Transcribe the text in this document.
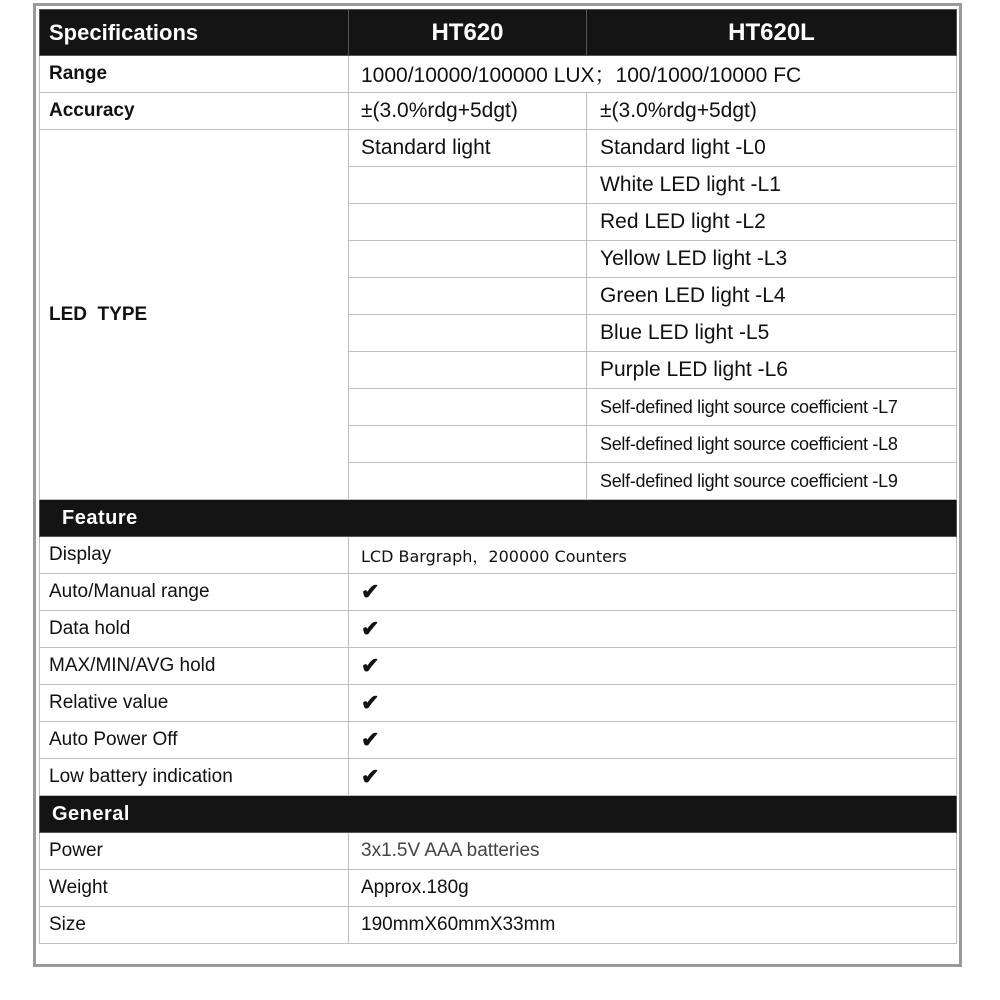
Specifications	HT620	HT620L
Range	1000/10000/100000 LUX；100/1000/10000 FC	
Accuracy	±(3.0%rdg+5dgt)	±(3.0%rdg+5dgt)
LED  TYPE	Standard light	Standard light -L0
		White LED light -L1
		Red LED light -L2
		Yellow LED light -L3
		Green LED light -L4
		Blue LED light -L5
		Purple LED light -L6
		Self-defined light source coefficient -L7
		Self-defined light source coefficient -L8
		Self-defined light source coefficient -L9
Feature		
Display	LCD Bargraph，200000 Counters	
Auto/Manual range	✔	
Data hold	✔	
MAX/MIN/AVG hold	✔	
Relative value	✔	
Auto Power Off	✔	
Low battery indication	✔	
General		
Power	3x1.5V AAA batteries	
Weight	Approx.180g	
Size	190mmX60mmX33mm	
